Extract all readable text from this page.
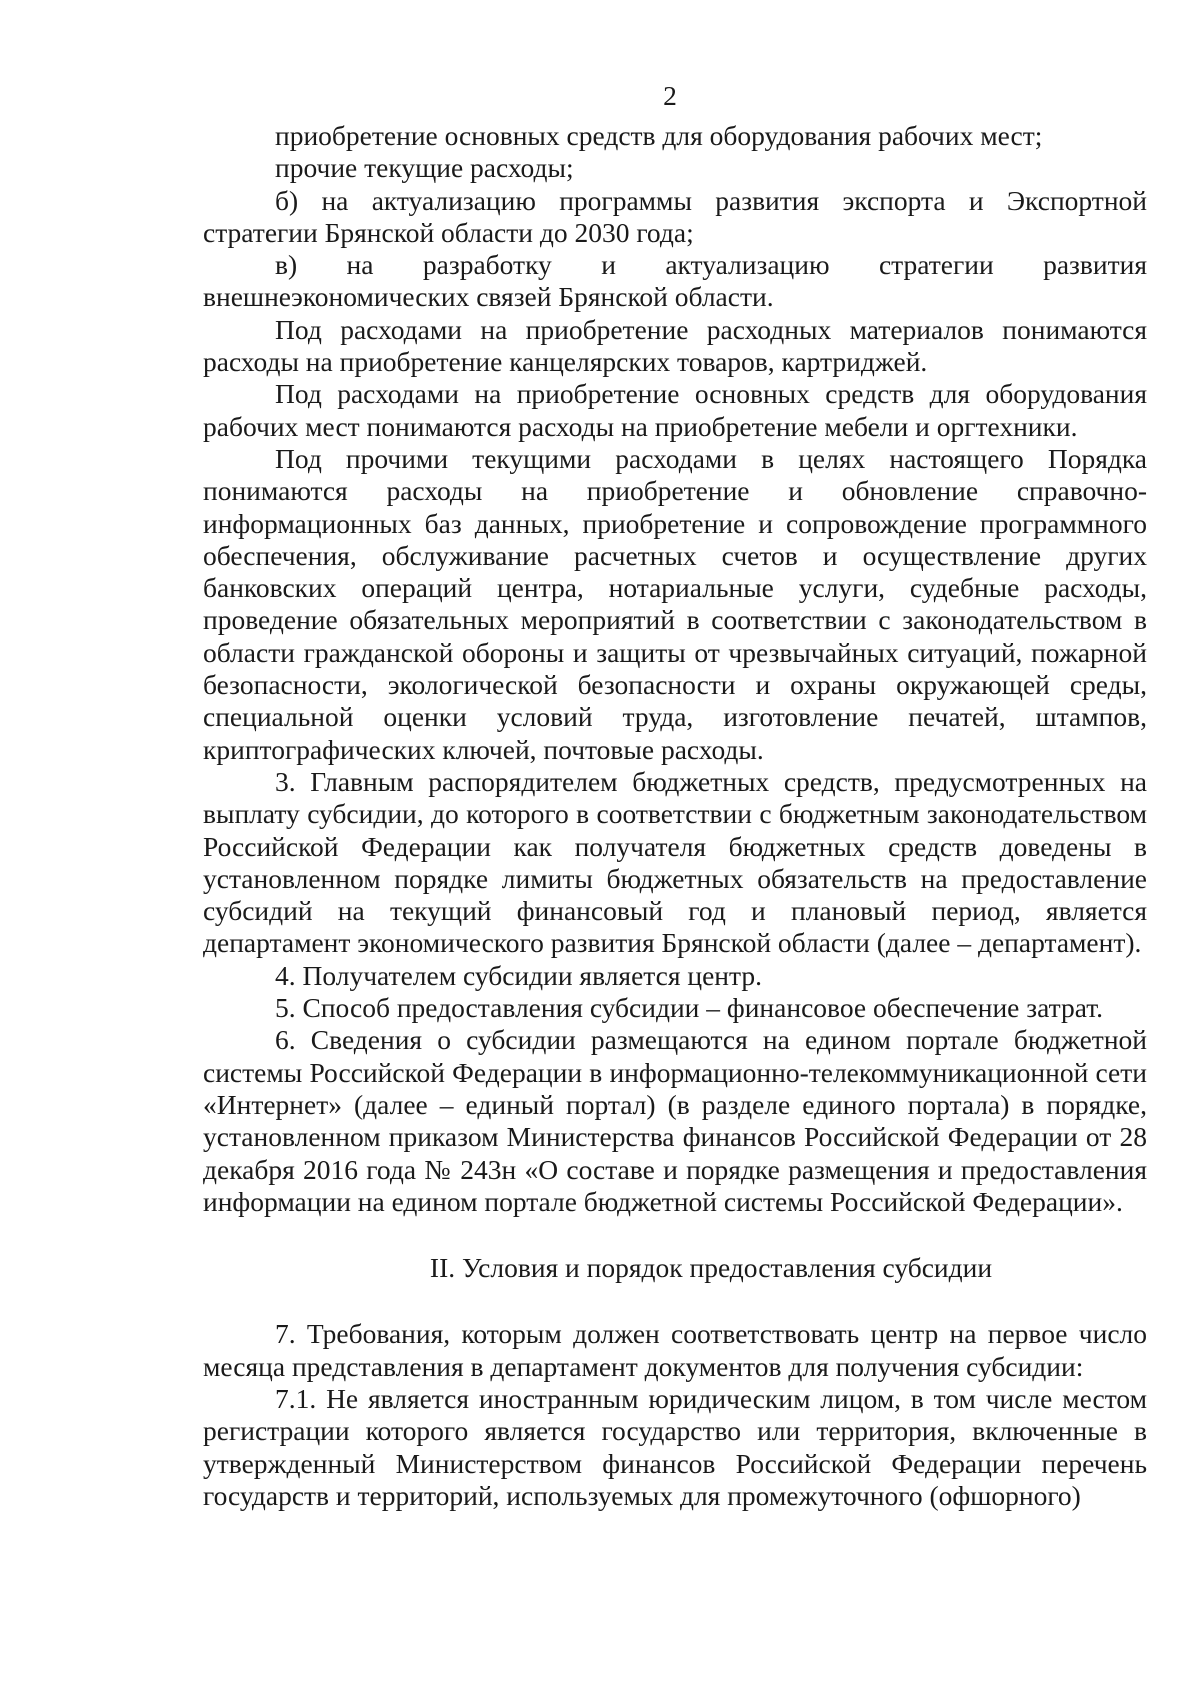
2

приобретение основных средств для оборудования рабочих мест;

прочие текущие расходы;

б) на актуализацию программы развития экспорта и Экспортной стратегии Брянской области до 2030 года;

в) на разработку и актуализацию стратегии развития внешнеэкономических связей Брянской области.

Под расходами на приобретение расходных материалов понимаются расходы на приобретение канцелярских товаров, картриджей.

Под расходами на приобретение основных средств для оборудования рабочих мест понимаются расходы на приобретение мебели и оргтехники.

Под прочими текущими расходами в целях настоящего Порядка понимаются расходы на приобретение и обновление справочно-информационных баз данных, приобретение и сопровождение программного обеспечения, обслуживание расчетных счетов и осуществление других банковских операций центра, нотариальные услуги, судебные расходы, проведение обязательных мероприятий в соответствии с законодательством в области гражданской обороны и защиты от чрезвычайных ситуаций, пожарной безопасности, экологической безопасности и охраны окружающей среды, специальной оценки условий труда, изготовление печатей, штампов, криптографических ключей, почтовые расходы.

3. Главным распорядителем бюджетных средств, предусмотренных на выплату субсидии, до которого в соответствии с бюджетным законодательством Российской Федерации как получателя бюджетных средств доведены в установленном порядке лимиты бюджетных обязательств на предоставление субсидий на текущий финансовый год и плановый период, является департамент экономического развития Брянской области (далее – департамент).

4. Получателем субсидии является центр.

5. Способ предоставления субсидии – финансовое обеспечение затрат.

6. Сведения о субсидии размещаются на едином портале бюджетной системы Российской Федерации в информационно-телекоммуникационной сети «Интернет» (далее – единый портал) (в разделе единого портала) в порядке, установленном приказом Министерства финансов Российской Федерации от 28 декабря 2016 года № 243н «О составе и порядке размещения и предоставления информации на едином портале бюджетной системы Российской Федерации».

II. Условия и порядок предоставления субсидии

7. Требования, которым должен соответствовать центр на первое число месяца представления в департамент документов для получения субсидии:

7.1. Не является иностранным юридическим лицом, в том числе местом регистрации которого является государство или территория, включенные в утвержденный Министерством финансов Российской Федерации перечень государств и территорий, используемых для промежуточного (офшорного)
